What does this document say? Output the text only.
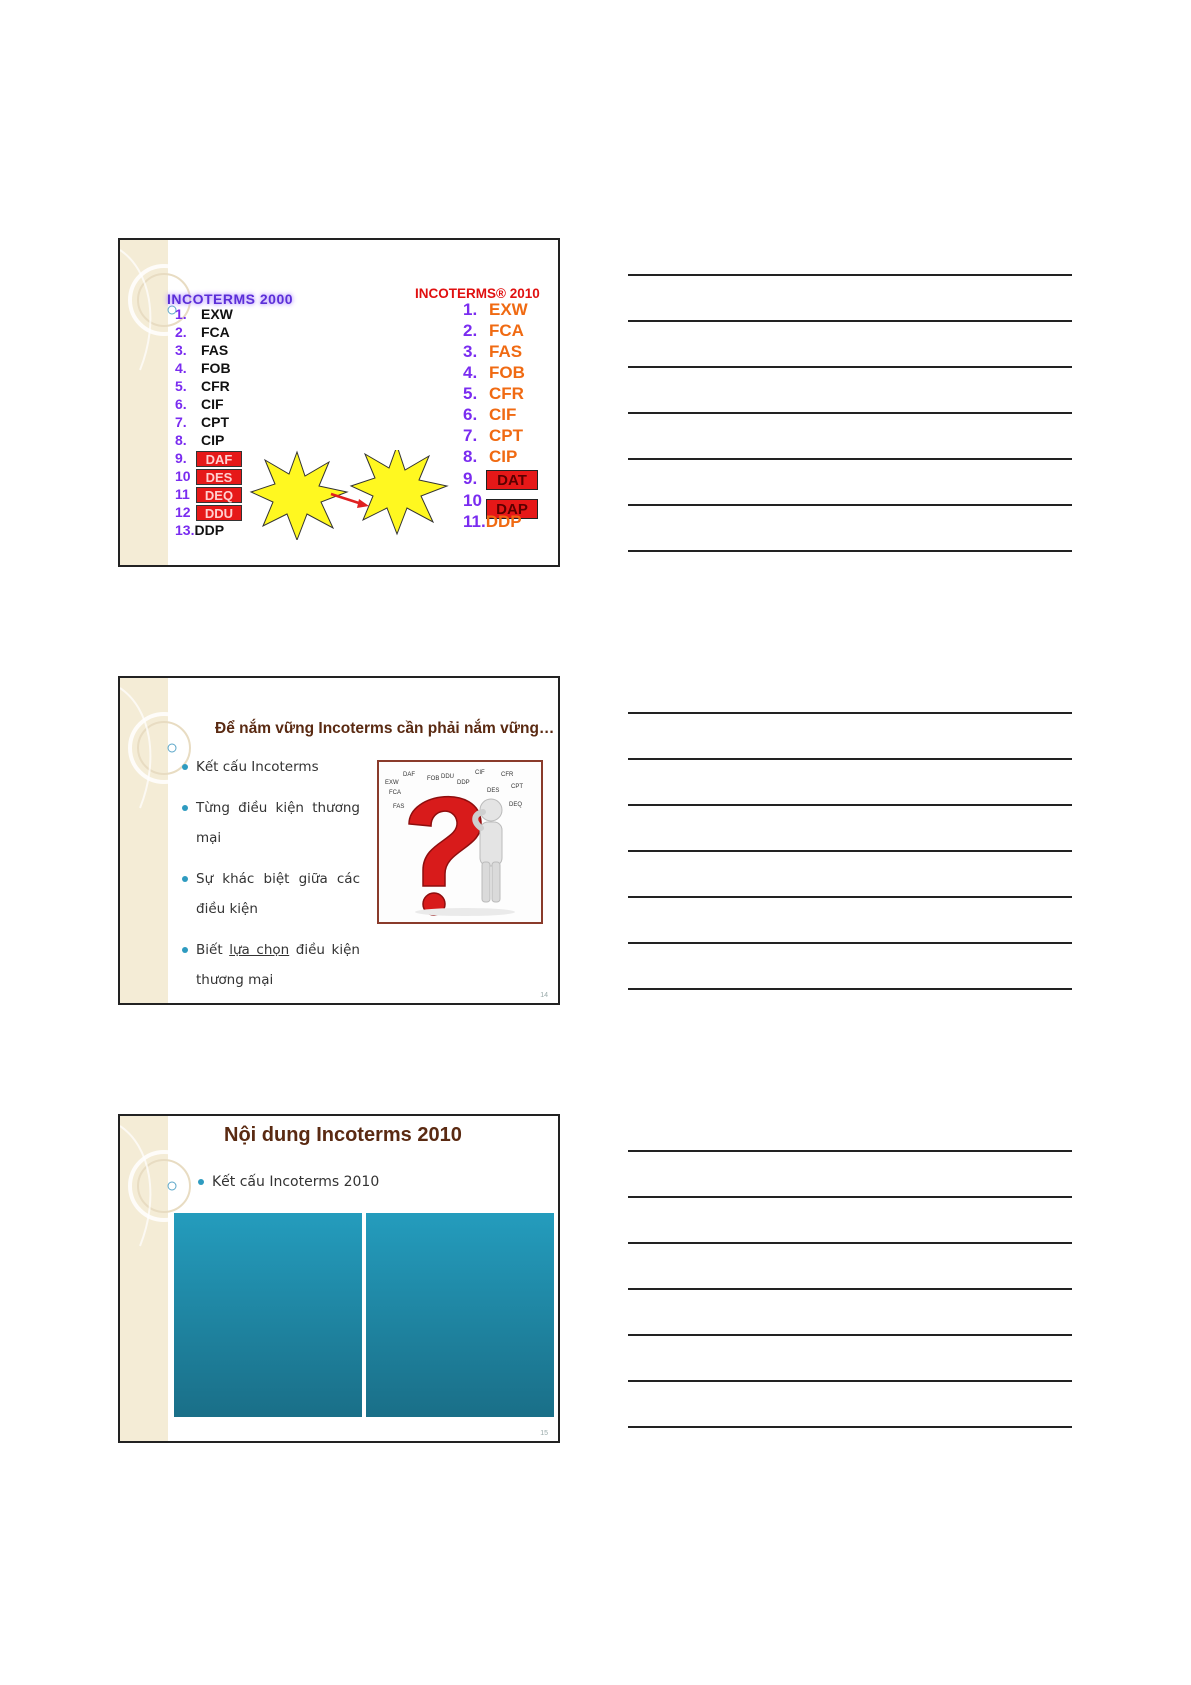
INCOTERMS 2000	INCOTERMS® 2010
1. EXW
2. FCA
3. FAS
4. FOB
5. CFR
6. CIF
7. CPT
8. CIP
9.	DAF
10	DES
11	DEQ
12	DDU
13.DDP
1. EXW
2. FCA
3. FAS
4. FOB
5. CFR
6. CIF
7. CPT
8. CIP
9.	DAT
10 DAP
11.DDP
Để nắm vững Incoterms cần phải nắm vững…
Kết cấu Incoterms
Từng điều kiện thương mại
Sự khác biệt giữa các điều kiện
Biết lựa chọn điều kiện thương mại
EXW
DAF
FOB
CIF	CFR
FCA
DDP
DES
CPT
DDU
FAS	DEQ
14
Nội dung Incoterms 2010
Kết cấu Incoterms 2010
15
